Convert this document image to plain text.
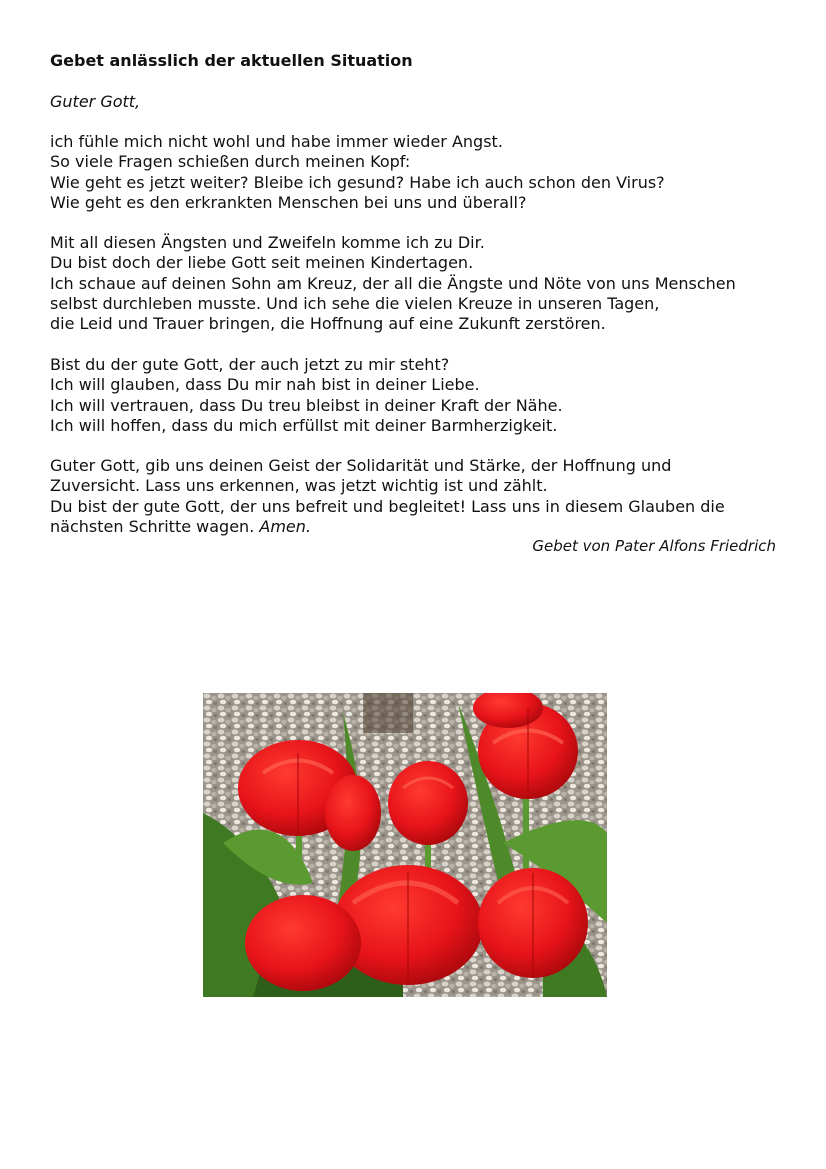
Gebet anlässlich der aktuellen Situation

Guter Gott,

ich fühle mich nicht wohl und habe immer wieder Angst.
So viele Fragen schießen durch meinen Kopf:
Wie geht es jetzt weiter? Bleibe ich gesund? Habe ich auch schon den Virus?
Wie geht es den erkrankten Menschen bei uns und überall?

Mit all diesen Ängsten und Zweifeln komme ich zu Dir.
Du bist doch der liebe Gott seit meinen Kindertagen.
Ich schaue auf deinen Sohn am Kreuz, der all die Ängste und Nöte von uns Menschen
selbst durchleben musste. Und ich sehe die vielen Kreuze in unseren Tagen,
die Leid und Trauer bringen, die Hoffnung auf eine Zukunft zerstören.

Bist du der gute Gott, der auch jetzt zu mir steht?
Ich will glauben, dass Du mir nah bist in deiner Liebe.
Ich will vertrauen, dass Du treu bleibst in deiner Kraft der Nähe.
Ich will hoffen, dass du mich erfüllst mit deiner Barmherzigkeit.

Guter Gott, gib uns deinen Geist der Solidarität und Stärke, der Hoffnung und
Zuversicht. Lass uns erkennen, was jetzt wichtig ist und zählt.
Du bist der gute Gott, der uns befreit und begleitet! Lass uns in diesem Glauben die
nächsten Schritte wagen. Amen.

Gebet von Pater Alfons Friedrich
